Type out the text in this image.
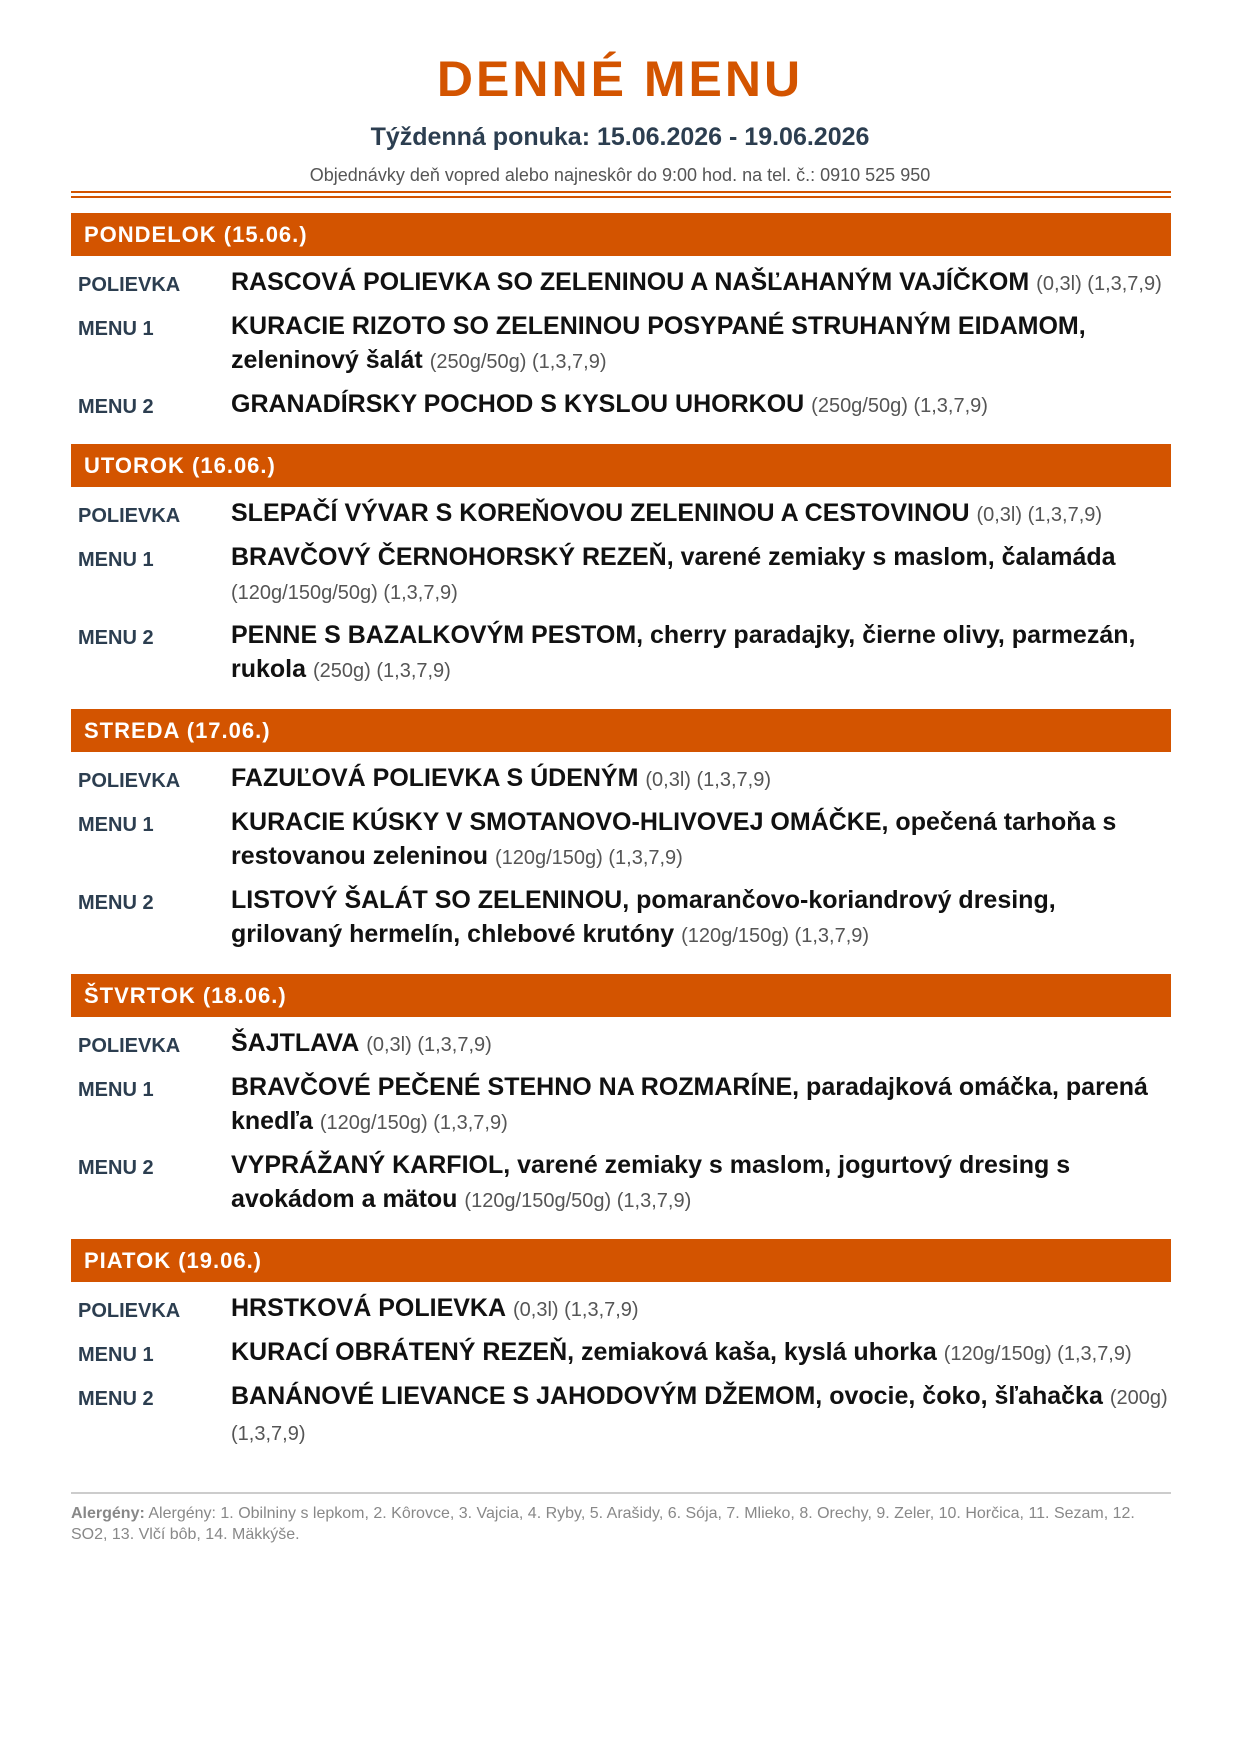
DENNÉ MENU
Týždenná ponuka: 15.06.2026 - 19.06.2026
Objednávky deň vopred alebo najneskôr do 9:00 hod. na tel. č.: 0910 525 950
PONDELOK (15.06.)
POLIEVKA	RASCOVÁ POLIEVKA SO ZELENINOU A NAŠĽAHANÝM VAJÍČKOM (0,3l) (1,3,7,9)
MENU 1	KURACIE RIZOTO SO ZELENINOU POSYPANÉ STRUHANÝM EIDAMOM, zeleninový šalát (250g/50g) (1,3,7,9)
MENU 2	GRANADÍRSKY POCHOD S KYSLOU UHORKOU (250g/50g) (1,3,7,9)
UTOROK (16.06.)
POLIEVKA	SLEPAČÍ VÝVAR S KOREŇOVOU ZELENINOU A CESTOVINOU (0,3l) (1,3,7,9)
MENU 1	BRAVČOVÝ ČERNOHORSKÝ REZEŇ, varené zemiaky s maslom, čalamáda (120g/150g/50g) (1,3,7,9)
MENU 2	PENNE S BAZALKOVÝM PESTOM, cherry paradajky, čierne olivy, parmezán, rukola (250g) (1,3,7,9)
STREDA (17.06.)
POLIEVKA	FAZUĽOVÁ POLIEVKA S ÚDENÝM (0,3l) (1,3,7,9)
MENU 1	KURACIE KÚSKY V SMOTANOVO-HLIVOVEJ OMÁČKE, opečená tarhoňa s restovanou zeleninou (120g/150g) (1,3,7,9)
MENU 2	LISTOVÝ ŠALÁT SO ZELENINOU, pomarančovo-koriandrový dresing, grilovaný hermelín, chlebové krutóny (120g/150g) (1,3,7,9)
ŠTVRTOK (18.06.)
POLIEVKA	ŠAJTLAVA (0,3l) (1,3,7,9)
MENU 1	BRAVČOVÉ PEČENÉ STEHNO NA ROZMARÍNE, paradajková omáčka, parená knedľa (120g/150g) (1,3,7,9)
MENU 2	VYPRÁŽANÝ KARFIOL, varené zemiaky s maslom, jogurtový dresing s avokádom a mätou (120g/150g/50g) (1,3,7,9)
PIATOK (19.06.)
POLIEVKA	HRSTKOVÁ POLIEVKA (0,3l) (1,3,7,9)
MENU 1	KURACÍ OBRÁTENÝ REZEŇ, zemiaková kaša, kyslá uhorka (120g/150g) (1,3,7,9)
MENU 2	BANÁNOVÉ LIEVANCE S JAHODOVÝM DŽEMOM, ovocie, čoko, šľahačka (200g) (1,3,7,9)
Alergény: Alergény: 1. Obilniny s lepkom, 2. Kôrovce, 3. Vajcia, 4. Ryby, 5. Arašidy, 6. Sója, 7. Mlieko, 8. Orechy, 9. Zeler, 10. Horčica, 11. Sezam, 12. SO2, 13. Vlčí bôb, 14. Mäkkýše.
